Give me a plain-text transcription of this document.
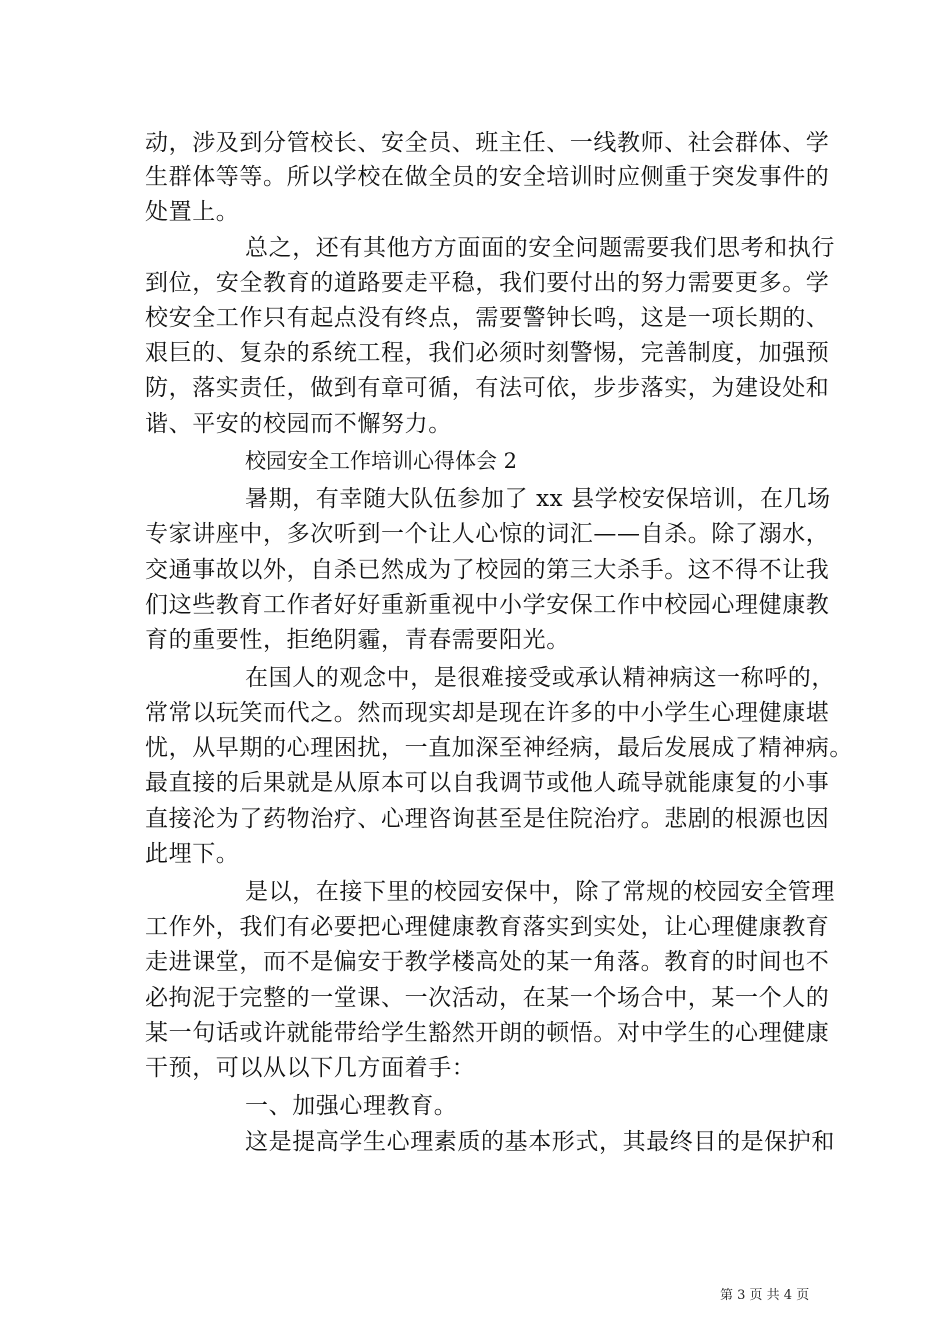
动，涉及到分管校长、安全员、班主任、一线教师、社会群体、学
生群体等等。所以学校在做全员的安全培训时应侧重于突发事件的
处置上。
总之，还有其他方方面面的安全问题需要我们思考和执行
到位，安全教育的道路要走平稳，我们要付出的努力需要更多。学
校安全工作只有起点没有终点，需要警钟长鸣，这是一项长期的、
艰巨的、复杂的系统工程，我们必须时刻警惕，完善制度，加强预
防，落实责任，做到有章可循，有法可依，步步落实，为建设处和
谐、平安的校园而不懈努力。
校园安全工作培训心得体会 2
暑期，有幸随大队伍参加了 xx 县学校安保培训，在几场
专家讲座中，多次听到一个让人心惊的词汇——自杀。除了溺水，
交通事故以外，自杀已然成为了校园的第三大杀手。这不得不让我
们这些教育工作者好好重新重视中小学安保工作中校园心理健康教
育的重要性，拒绝阴霾，青春需要阳光。
在国人的观念中，是很难接受或承认精神病这一称呼的，
常常以玩笑而代之。然而现实却是现在许多的中小学生心理健康堪
忧，从早期的心理困扰，一直加深至神经病，最后发展成了精神病。
最直接的后果就是从原本可以自我调节或他人疏导就能康复的小事
直接沦为了药物治疗、心理咨询甚至是住院治疗。悲剧的根源也因
此埋下。
是以，在接下里的校园安保中，除了常规的校园安全管理
工作外，我们有必要把心理健康教育落实到实处，让心理健康教育
走进课堂，而不是偏安于教学楼高处的某一角落。教育的时间也不
必拘泥于完整的一堂课、一次活动，在某一个场合中，某一个人的
某一句话或许就能带给学生豁然开朗的顿悟。对中学生的心理健康
干预，可以从以下几方面着手：
一、加强心理教育。
这是提高学生心理素质的基本形式，其最终目的是保护和
第 3 页 共 4 页
